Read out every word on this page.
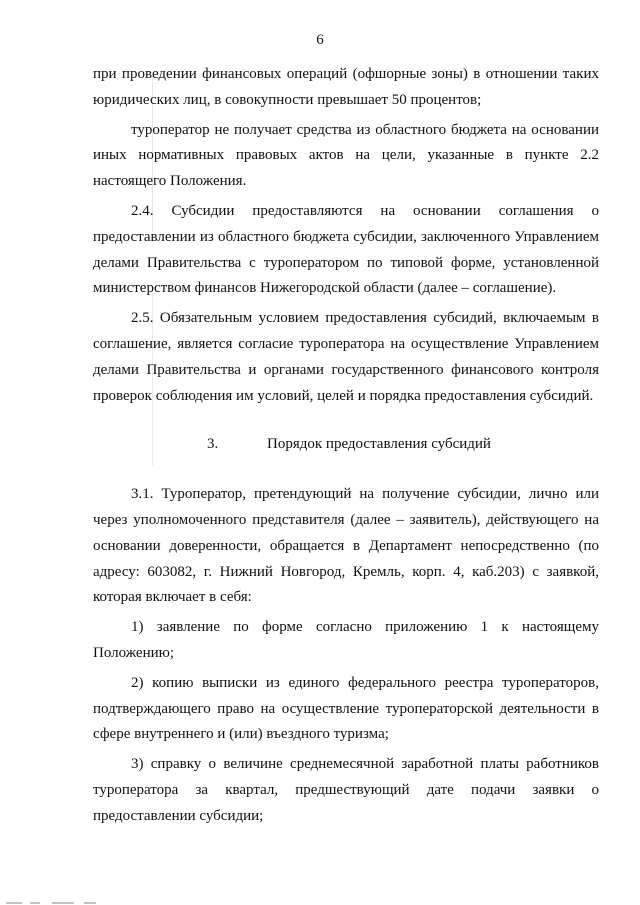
6

при проведении финансовых операций (офшорные зоны) в отношении таких юридических лиц, в совокупности превышает 50 процентов;

туроператор не получает средства из областного бюджета на основании иных нормативных правовых актов на цели, указанные в пункте 2.2 настоящего Положения.

2.4. Субсидии предоставляются на основании соглашения о предоставлении из областного бюджета субсидии, заключенного Управлением делами Правительства с туроператором по типовой форме, установленной министерством финансов Нижегородской области (далее – соглашение).

2.5. Обязательным условием предоставления субсидий, включаемым в соглашение, является согласие туроператора на осуществление Управлением делами Правительства и органами государственного финансового контроля проверок соблюдения им условий, целей и порядка предоставления субсидий.

3.	Порядок предоставления субсидий

3.1. Туроператор, претендующий на получение субсидии, лично или через уполномоченного представителя (далее – заявитель), действующего на основании доверенности, обращается в Департамент непосредственно (по адресу: 603082, г. Нижний Новгород, Кремль, корп. 4, каб.203) с заявкой, которая включает в себя:

1) заявление по форме согласно приложению 1 к настоящему Положению;

2) копию выписки из единого федерального реестра туроператоров, подтверждающего право на осуществление туроператорской деятельности в сфере внутреннего и (или) въездного туризма;

3) справку о величине среднемесячной заработной платы работников туроператора за квартал, предшествующий дате подачи заявки о предоставлении субсидии;
